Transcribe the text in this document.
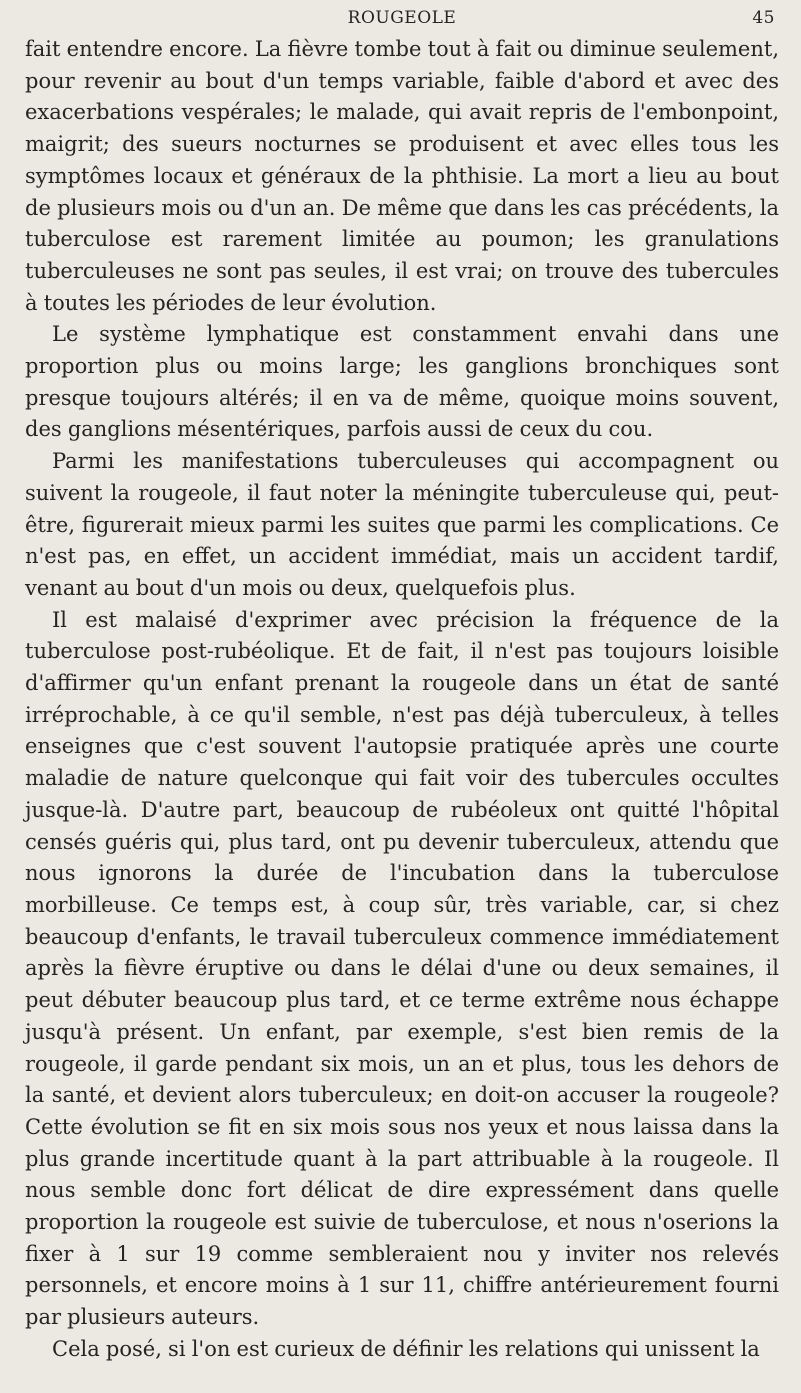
ROUGEOLE	45

fait entendre encore. La fièvre tombe tout à fait ou diminue seulement, pour revenir au bout d'un temps variable, faible d'abord et avec des exacerbations vespérales; le malade, qui avait repris de l'embonpoint, maigrit; des sueurs nocturnes se produisent et avec elles tous les symptômes locaux et généraux de la phthisie. La mort a lieu au bout de plusieurs mois ou d'un an. De même que dans les cas précédents, la tuberculose est rarement limitée au poumon; les granulations tuberculeuses ne sont pas seules, il est vrai; on trouve des tubercules à toutes les périodes de leur évolution.

Le système lymphatique est constamment envahi dans une proportion plus ou moins large; les ganglions bronchiques sont presque toujours altérés; il en va de même, quoique moins souvent, des ganglions mésentériques, parfois aussi de ceux du cou.

Parmi les manifestations tuberculeuses qui accompagnent ou suivent la rougeole, il faut noter la méningite tuberculeuse qui, peut-être, figurerait mieux parmi les suites que parmi les complications. Ce n'est pas, en effet, un accident immédiat, mais un accident tardif, venant au bout d'un mois ou deux, quelquefois plus.

Il est malaisé d'exprimer avec précision la fréquence de la tuberculose post-rubéolique. Et de fait, il n'est pas toujours loisible d'affirmer qu'un enfant prenant la rougeole dans un état de santé irréprochable, à ce qu'il semble, n'est pas déjà tuberculeux, à telles enseignes que c'est souvent l'autopsie pratiquée après une courte maladie de nature quelconque qui fait voir des tubercules occultes jusque-là. D'autre part, beaucoup de rubéoleux ont quitté l'hôpital censés guéris qui, plus tard, ont pu devenir tuberculeux, attendu que nous ignorons la durée de l'incubation dans la tuberculose morbilleuse. Ce temps est, à coup sûr, très variable, car, si chez beaucoup d'enfants, le travail tuberculeux commence immédiatement après la fièvre éruptive ou dans le délai d'une ou deux semaines, il peut débuter beaucoup plus tard, et ce terme extrême nous échappe jusqu'à présent. Un enfant, par exemple, s'est bien remis de la rougeole, il garde pendant six mois, un an et plus, tous les dehors de la santé, et devient alors tuberculeux; en doit-on accuser la rougeole? Cette évolution se fit en six mois sous nos yeux et nous laissa dans la plus grande incertitude quant à la part attribuable à la rougeole. Il nous semble donc fort délicat de dire expressément dans quelle proportion la rougeole est suivie de tuberculose, et nous n'oserions la fixer à 1 sur 19 comme sembleraient nou y inviter nos relevés personnels, et encore moins à 1 sur 11, chiffre antérieurement fourni par plusieurs auteurs.

Cela posé, si l'on est curieux de définir les relations qui unissent la
